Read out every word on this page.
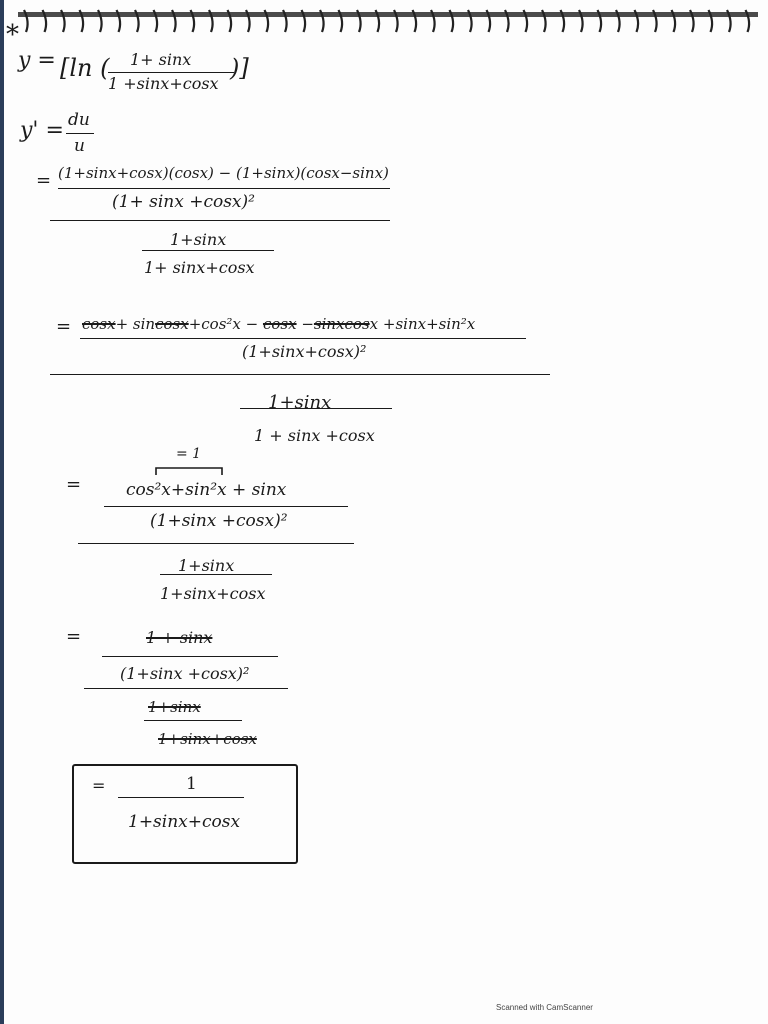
*
y = [ln ( 1+ sinx
1 +sinx+cosx
)]
y' = du
u
= (1+sinx+cosx)(cosx) − (1+sinx)(cosx−sinx)
(1+ sinx +cosx)²
1+sinx
1+ sinx+cosx
= cosx+ sincosx+cos²x − cosx −sinxcosx +sinx+sin²x
(1+sinx+cosx)²
1+sinx
1 + sinx +cosx
= 1
=	cos²x+sin²x + sinx
(1+sinx +cosx)²
1+sinx
1+sinx+cosx
=	1 + sinx
(1+sinx +cosx)²
1+sinx
1+sinx+cosx
=	1
1+sinx+cosx
Scanned with CamScanner
